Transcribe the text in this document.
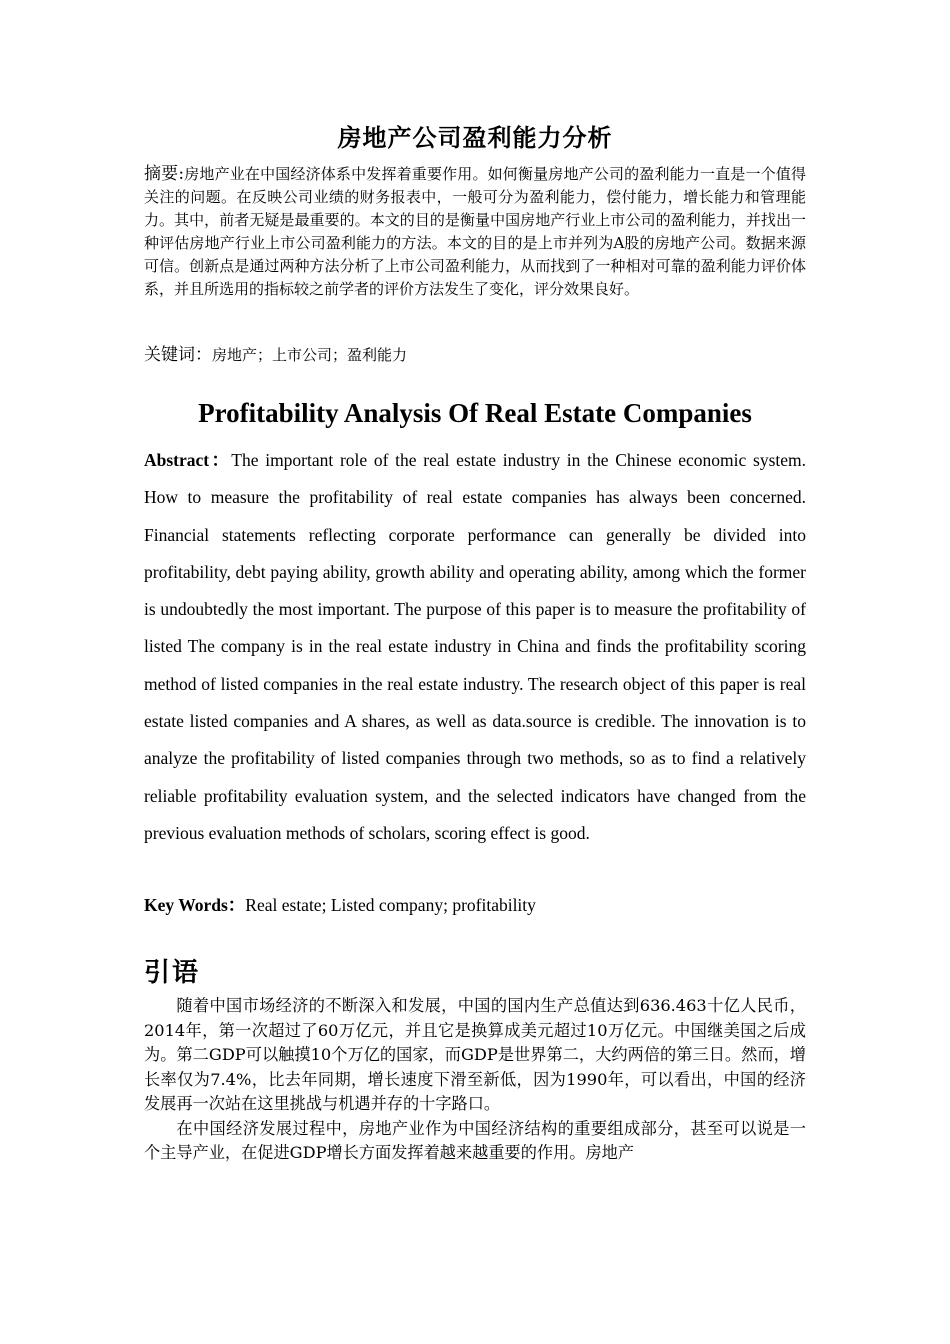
房地产公司盈利能力分析
摘要:房地产业在中国经济体系中发挥着重要作用。如何衡量房地产公司的盈利能力一直是一个值得关注的问题。在反映公司业绩的财务报表中，一般可分为盈利能力，偿付能力，增长能力和管理能力。其中，前者无疑是最重要的。本文的目的是衡量中国房地产行业上市公司的盈利能力，并找出一种评估房地产行业上市公司盈利能力的方法。本文的目的是上市并列为A股的房地产公司。数据来源可信。创新点是通过两种方法分析了上市公司盈利能力，从而找到了一种相对可靠的盈利能力评价体系，并且所选用的指标较之前学者的评价方法发生了变化，评分效果良好。
关键词：房地产；上市公司；盈利能力
Profitability Analysis Of Real Estate Companies
Abstract：The important role of the real estate industry in the Chinese economic system. How to measure the profitability of real estate companies has always been concerned. Financial statements reflecting corporate performance can generally be divided into profitability, debt paying ability, growth ability and operating ability, among which the former is undoubtedly the most important. The purpose of this paper is to measure the profitability of listed The company is in the real estate industry in China and finds the profitability scoring method of listed companies in the real estate industry. The research object of this paper is real estate listed companies and A shares, as well as data.source is credible. The innovation is to analyze the profitability of listed companies through two methods, so as to find a relatively reliable profitability evaluation system, and the selected indicators have changed from the previous evaluation methods of scholars, scoring effect is good.
Key Words：Real estate; Listed company; profitability
引语

随着中国市场经济的不断深入和发展，中国的国内生产总值达到636.463十亿人民币，2014年，第一次超过了60万亿元，并且它是换算成美元超过10万亿元。中国继美国之后成为。第二GDP可以触摸10个万亿的国家，而GDP是世界第二，大约两倍的第三日。然而，增长率仅为7.4%，比去年同期，增长速度下滑至新低，因为1990年，可以看出，中国的经济发展再一次站在这里挑战与机遇并存的十字路口。

在中国经济发展过程中，房地产业作为中国经济结构的重要组成部分，甚至可以说是一个主导产业，在促进GDP增长方面发挥着越来越重要的作用。房地产
